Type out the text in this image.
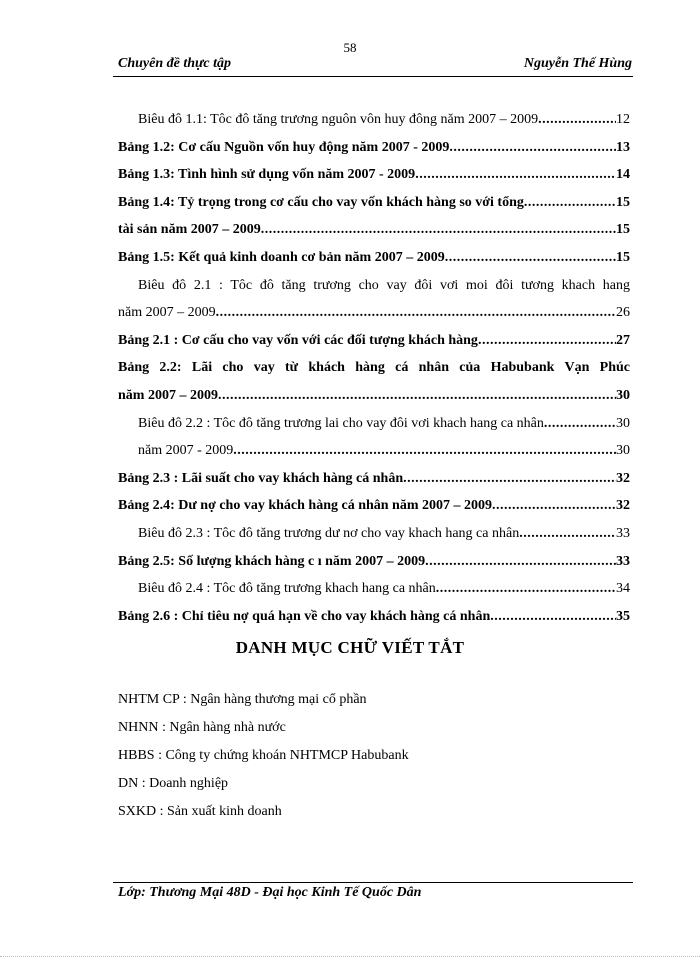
58
Chuyên đề thực tập	Nguyễn Thế Hùng
Biêu đô 1.1: Tôc đô tăng trương nguôn vôn huy đông năm 2007 – 2009 .....	12
Bảng 1.2: Cơ cấu Nguồn vốn huy động năm 2007 - 2009 .....	13
Bảng 1.3: Tình hình sử dụng vốn năm 2007 - 2009 .....	14
Bảng 1.4: Tỷ trọng trong cơ cấu cho vay vốn khách hàng so với tổng .....	15
tài sản năm 2007 – 2009 .....	15
Bảng 1.5: Kết quả kinh doanh cơ bản năm 2007 – 2009 .....	15
Biêu đô 2.1 : Tôc đô tăng trương cho vay đôi vơi moi đôi tương khach hang
năm 2007 – 2009 .....	26
Bảng 2.1 : Cơ cấu cho vay vốn với các đối tượng khách hàng .....	27
Bảng 2.2: Lãi cho vay từ khách hàng cá nhân của Habubank Vạn Phúc
năm 2007 – 2009 .....	30
Biêu đô 2.2 : Tôc đô tăng trương lai cho vay đôi vơi khach hang ca nhân .....	30
năm 2007 - 2009 .....	30
Bảng 2.3 : Lãi suất cho vay khách hàng cá nhân .....	32
Bảng 2.4: Dư nợ cho vay khách hàng cá nhân năm 2007 – 2009 .....	32
Biêu đô 2.3 : Tôc đô tăng trương dư nơ cho vay khach hang ca nhân .....	33
Bảng 2.5: Số lượng khách hàng c ı năm 2007 – 2009 .....	33
Biêu đô 2.4 : Tôc đô tăng trương khach hang ca nhân .....	34
Bảng 2.6 : Chỉ tiêu nợ quá hạn về cho vay khách hàng cá nhân .....	35
DANH MỤC CHỮ VIẾT TẮT
NHTM CP : Ngân hàng thương mại cổ phần
NHNN : Ngân hàng nhà nước
HBBS : Công ty chứng khoán NHTMCP Habubank
DN : Doanh nghiệp
SXKD : Sản xuất kinh doanh
Lớp: Thương Mại 48D - Đại học Kinh Tế Quốc Dân
